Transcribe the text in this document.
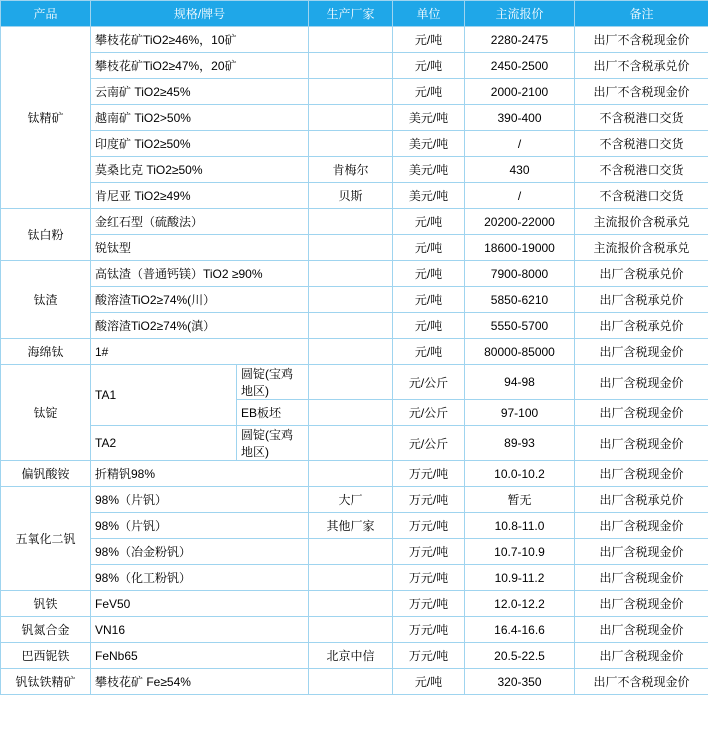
产品	规格/牌号		生产厂家	单位	主流报价	备注
钛精矿	攀枝花矿TiO2≥46%，10矿			元/吨	2280-2475	出厂不含税现金价
	攀枝花矿TiO2≥47%，20矿			元/吨	2450-2500	出厂不含税承兑价
	云南矿 TiO2≥45%			元/吨	2000-2100	出厂不含税现金价
	越南矿 TiO2>50%			美元/吨	390-400	不含税港口交货
	印度矿 TiO2≥50%			美元/吨	/	不含税港口交货
	莫桑比克 TiO2≥50%		肯梅尔	美元/吨	430	不含税港口交货
	肯尼亚 TiO2≥49%		贝斯	美元/吨	/	不含税港口交货
钛白粉	金红石型（硫酸法）			元/吨	20200-22000	主流报价含税承兑
	锐钛型			元/吨	18600-19000	主流报价含税承兑
钛渣	高钛渣（普通钙镁）TiO2 ≥90%			元/吨	7900-8000	出厂含税承兑价
	酸溶渣TiO2≥74%(川）			元/吨	5850-6210	出厂含税承兑价
	酸溶渣TiO2≥74%(滇）			元/吨	5550-5700	出厂含税承兑价
海绵钛	1#			元/吨	80000-85000	出厂含税现金价
钛锭	TA1	圆锭(宝鸡地区)		元/公斤	94-98	出厂含税现金价
		EB板坯		元/公斤	97-100	出厂含税现金价
	TA2	圆锭(宝鸡地区)		元/公斤	89-93	出厂含税现金价
偏钒酸铵	折精钒98%			万元/吨	10.0-10.2	出厂含税现金价
五氧化二钒	98%（片钒）		大厂	万元/吨	暂无	出厂含税承兑价
	98%（片钒）		其他厂家	万元/吨	10.8-11.0	出厂含税现金价
	98%（冶金粉钒）			万元/吨	10.7-10.9	出厂含税现金价
	98%（化工粉钒）			万元/吨	10.9-11.2	出厂含税现金价
钒铁	FeV50			万元/吨	12.0-12.2	出厂含税现金价
钒氮合金	VN16			万元/吨	16.4-16.6	出厂含税现金价
巴西铌铁	FeNb65		北京中信	万元/吨	20.5-22.5	出厂含税现金价
钒钛铁精矿	攀枝花矿 Fe≥54%			元/吨	320-350	出厂不含税现金价
